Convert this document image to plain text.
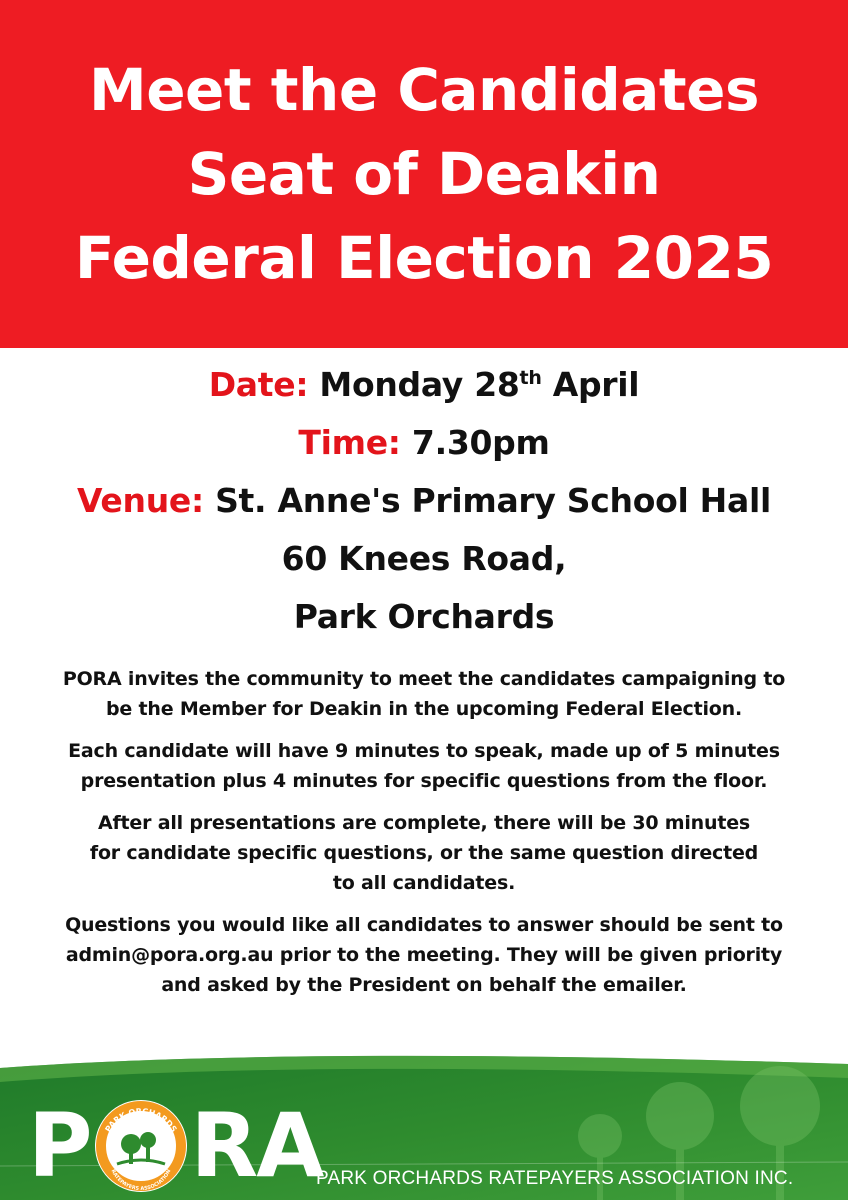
Meet the Candidates
Seat of Deakin
Federal Election 2025
Date: Monday 28th April
Time: 7.30pm
Venue: St. Anne's Primary School Hall
60 Knees Road,
Park Orchards

PORA invites the community to meet the candidates campaigning to
be the Member for Deakin in the upcoming Federal Election.

Each candidate will have 9 minutes to speak, made up of 5 minutes
presentation plus 4 minutes for specific questions from the floor.

After all presentations are complete, there will be 30 minutes
for candidate specific questions, or the same question directed
to all candidates.

Questions you would like all candidates to answer should be sent to
admin@pora.org.au prior to the meeting. They will be given priority
and asked by the President on behalf the emailer.

P PARK ORCHARDS
RATEPAYERS ASSOCIATION RA
PARK ORCHARDS RATEPAYERS ASSOCIATION INC.
